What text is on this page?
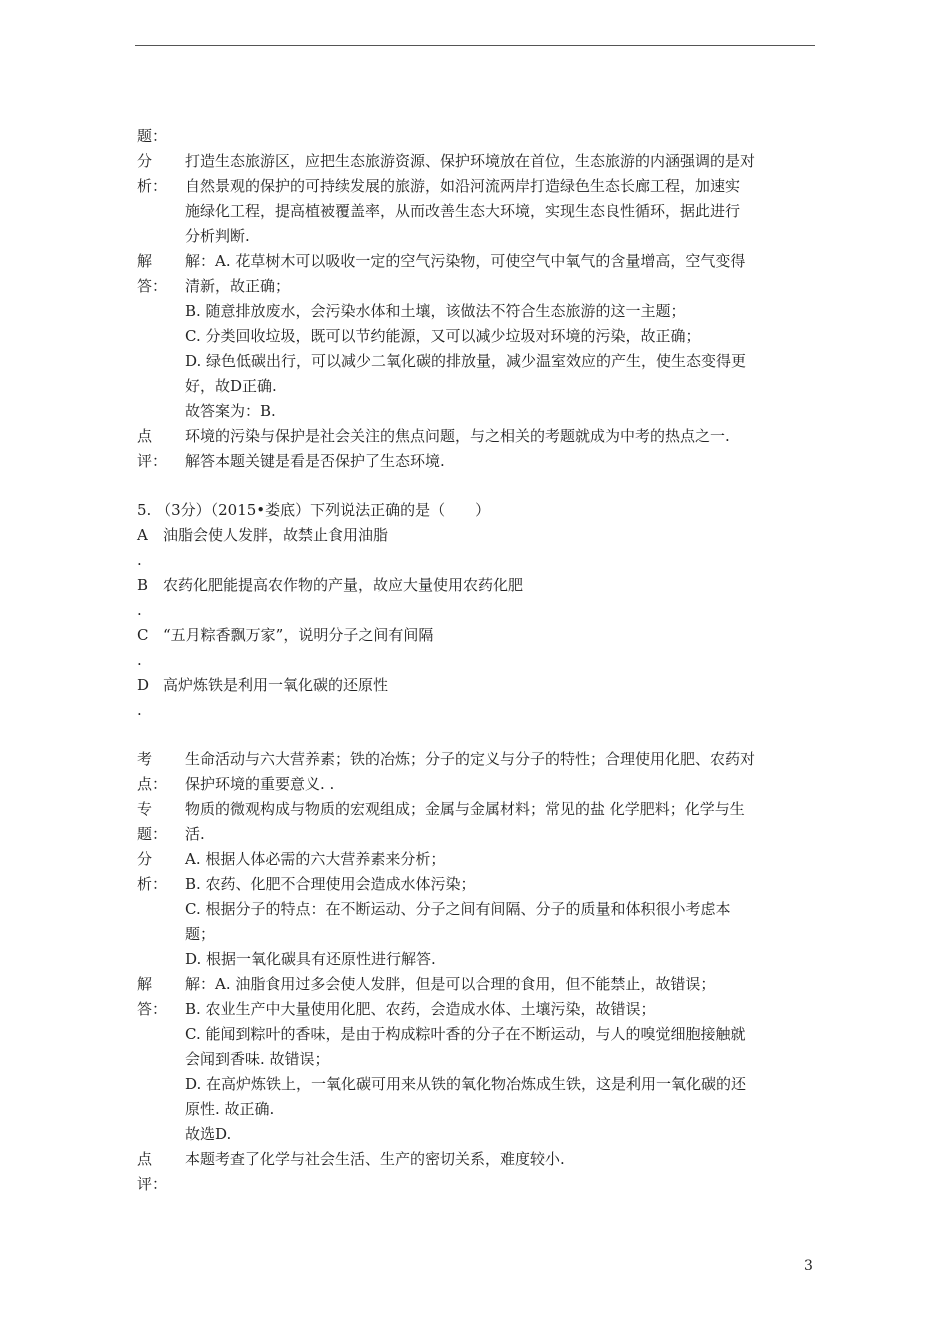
题：
分 打造生态旅游区，应把生态旅游资源、保护环境放在首位，生态旅游的内涵强调的是对
析： 自然景观的保护的可持续发展的旅游，如沿河流两岸打造绿色生态长廊工程，加速实
施绿化工程，提高植被覆盖率，从而改善生态大环境，实现生态良性循环，据此进行
分析判断.
解 解：A. 花草树木可以吸收一定的空气污染物，可使空气中氧气的含量增高，空气变得
答： 清新，故正确；
B. 随意排放废水，会污染水体和土壤，该做法不符合生态旅游的这一主题；
C. 分类回收垃圾，既可以节约能源，又可以减少垃圾对环境的污染，故正确；
D. 绿色低碳出行，可以减少二氧化碳的排放量，减少温室效应的产生，使生态变得更
好，故D正确.
故答案为：B.
点 环境的污染与保护是社会关注的焦点问题，与之相关的考题就成为中考的热点之一.
评： 解答本题关键是看是否保护了生态环境.
5. （3分）（2015•娄底）下列说法正确的是（　　）
A 油脂会使人发胖，故禁止食用油脂
.
B 农药化肥能提高农作物的产量，故应大量使用农药化肥
.
C “五月粽香飘万家”，说明分子之间有间隔
.
D 高炉炼铁是利用一氧化碳的还原性
.
考 生命活动与六大营养素；铁的冶炼；分子的定义与分子的特性；合理使用化肥、农药对
点： 保护环境的重要意义. .
专 物质的微观构成与物质的宏观组成；金属与金属材料；常见的盐 化学肥料；化学与生
题： 活.
分 A. 根据人体必需的六大营养素来分析；
析： B. 农药、化肥不合理使用会造成水体污染；
C. 根据分子的特点：在不断运动、分子之间有间隔、分子的质量和体积很小考虑本
题；
D. 根据一氧化碳具有还原性进行解答.
解 解：A. 油脂食用过多会使人发胖，但是可以合理的食用，但不能禁止，故错误；
答： B. 农业生产中大量使用化肥、农药，会造成水体、土壤污染，故错误；
C. 能闻到粽叶的香味，是由于构成粽叶香的分子在不断运动，与人的嗅觉细胞接触就
会闻到香味. 故错误；
D. 在高炉炼铁上，一氧化碳可用来从铁的氧化物冶炼成生铁，这是利用一氧化碳的还
原性. 故正确.
故选D.
点 本题考查了化学与社会生活、生产的密切关系，难度较小.
评：
3
